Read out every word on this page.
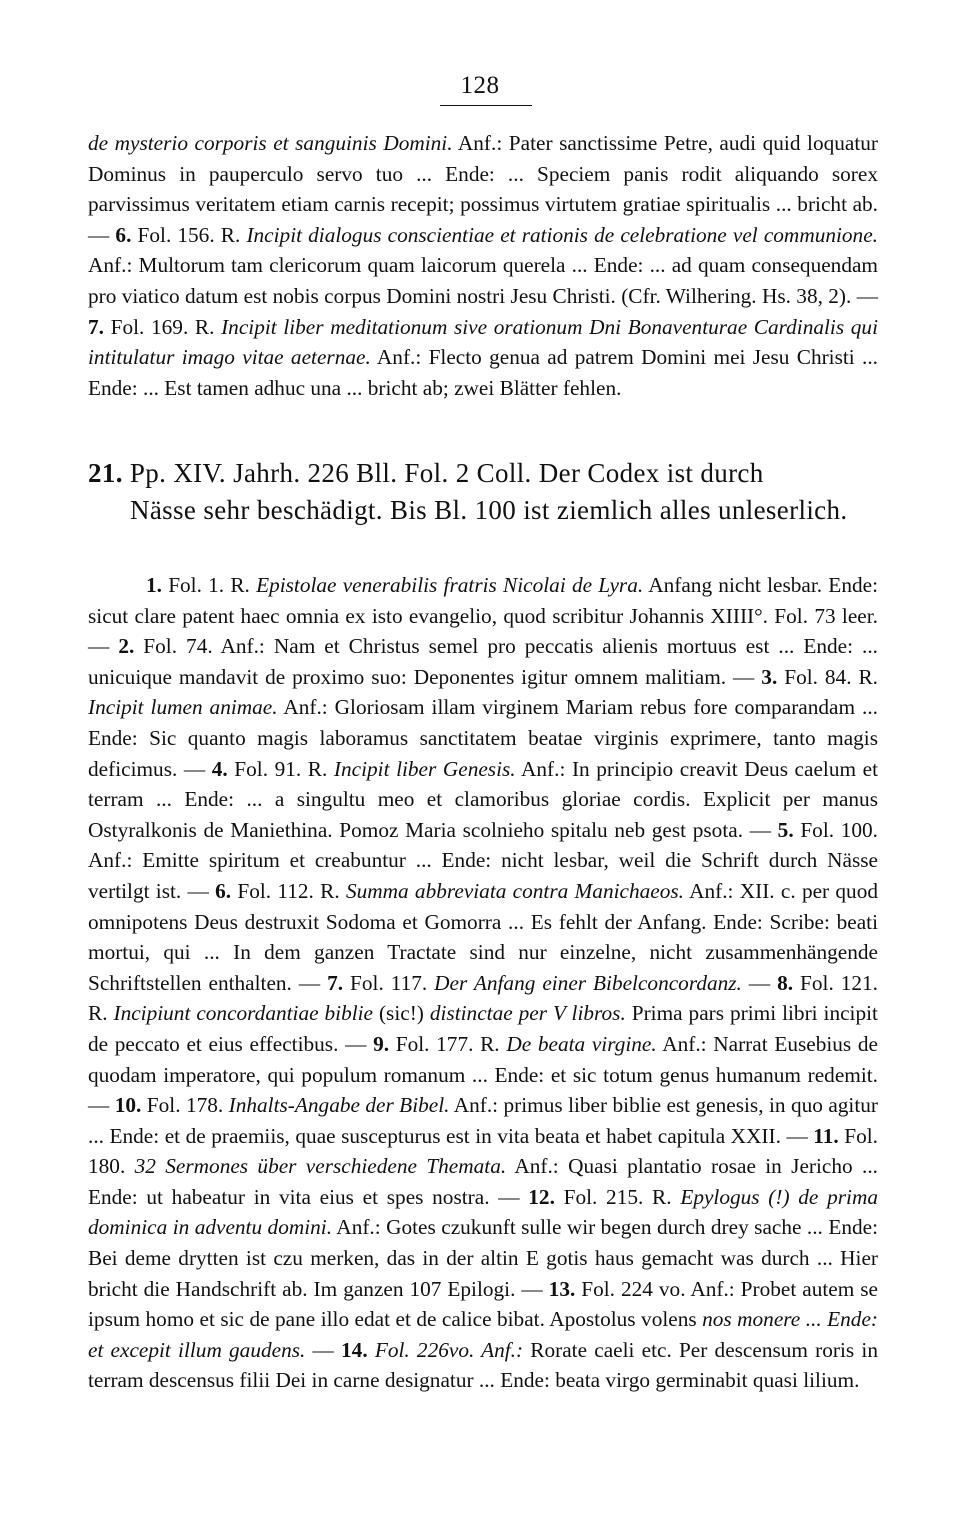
128

de mysterio corporis et sanguinis Domini. Anf.: Pater sanctissime Petre, audi quid loquatur Dominus in pauperculo servo tuo ... Ende: ... Speciem panis rodit aliquando sorex parvissimus veritatem etiam carnis recepit; possimus virtutem gratiae spiritualis ... bricht ab. — 6. Fol. 156. R. Incipit dialogus conscientiae et rationis de celebratione vel communione. Anf.: Multorum tam clericorum quam laicorum querela ... Ende: ... ad quam consequendam pro viatico datum est nobis corpus Domini nostri Jesu Christi. (Cfr. Wilhering. Hs. 38, 2). — 7. Fol. 169. R. Incipit liber meditationum sive orationum Dni Bonaventurae Cardinalis qui intitulatur imago vitae aeternae. Anf.: Flecto genua ad patrem Domini mei Jesu Christi ... Ende: ... Est tamen adhuc una ... bricht ab; zwei Blätter fehlen.

21. Pp. XIV. Jahrh. 226 Bll. Fol. 2 Coll. Der Codex ist durch
Nässe sehr beschädigt. Bis Bl. 100 ist ziemlich alles unleserlich.

1. Fol. 1. R. Epistolae venerabilis fratris Nicolai de Lyra. Anfang nicht lesbar. Ende: sicut clare patent haec omnia ex isto evangelio, quod scribitur Johannis XIIII°. Fol. 73 leer. — 2. Fol. 74. Anf.: Nam et Christus semel pro peccatis alienis mortuus est ... Ende: ... unicuique mandavit de proximo suo: Deponentes igitur omnem malitiam. — 3. Fol. 84. R. Incipit lumen animae. Anf.: Gloriosam illam virginem Mariam rebus fore comparandam ... Ende: Sic quanto magis laboramus sanctitatem beatae virginis exprimere, tanto magis deficimus. — 4. Fol. 91. R. Incipit liber Genesis. Anf.: In principio creavit Deus caelum et terram ... Ende: ... a singultu meo et clamoribus gloriae cordis. Explicit per manus Ostyralkonis de Maniethina. Pomoz Maria scolnieho spitalu neb gest psota. — 5. Fol. 100. Anf.: Emitte spiritum et creabuntur ... Ende: nicht lesbar, weil die Schrift durch Nässe vertilgt ist. — 6. Fol. 112. R. Summa abbreviata contra Manichaeos. Anf.: XII. c. per quod omnipotens Deus destruxit Sodoma et Gomorra ... Es fehlt der Anfang. Ende: Scribe: beati mortui, qui ... In dem ganzen Tractate sind nur einzelne, nicht zusammenhängende Schriftstellen enthalten. — 7. Fol. 117. Der Anfang einer Bibelconcordanz. — 8. Fol. 121. R. Incipiunt concordantiae biblie (sic!) distinctae per V libros. Prima pars primi libri incipit de peccato et eius effectibus. — 9. Fol. 177. R. De beata virgine. Anf.: Narrat Eusebius de quodam imperatore, qui populum romanum ... Ende: et sic totum genus humanum redemit. — 10. Fol. 178. Inhalts-Angabe der Bibel. Anf.: primus liber biblie est genesis, in quo agitur ... Ende: et de praemiis, quae suscepturus est in vita beata et habet capitula XXII. — 11. Fol. 180. 32 Sermones über verschiedene Themata. Anf.: Quasi plantatio rosae in Jericho ... Ende: ut habeatur in vita eius et spes nostra. — 12. Fol. 215. R. Epylogus (!) de prima dominica in adventu domini. Anf.: Gotes czukunft sulle wir begen durch drey sache ... Ende: Bei deme drytten ist czu merken, das in der altin E gotis haus gemacht was durch ... Hier bricht die Handschrift ab. Im ganzen 107 Epilogi. — 13. Fol. 224 vo. Anf.: Probet autem se ipsum homo et sic de pane illo edat et de calice bibat. Apostolus volens nos monere ... Ende: et excepit illum gaudens. — 14. Fol. 226vo. Anf.: Rorate caeli etc. Per descensum roris in terram descensus filii Dei in carne designatur ... Ende: beata virgo germinabit quasi lilium.
